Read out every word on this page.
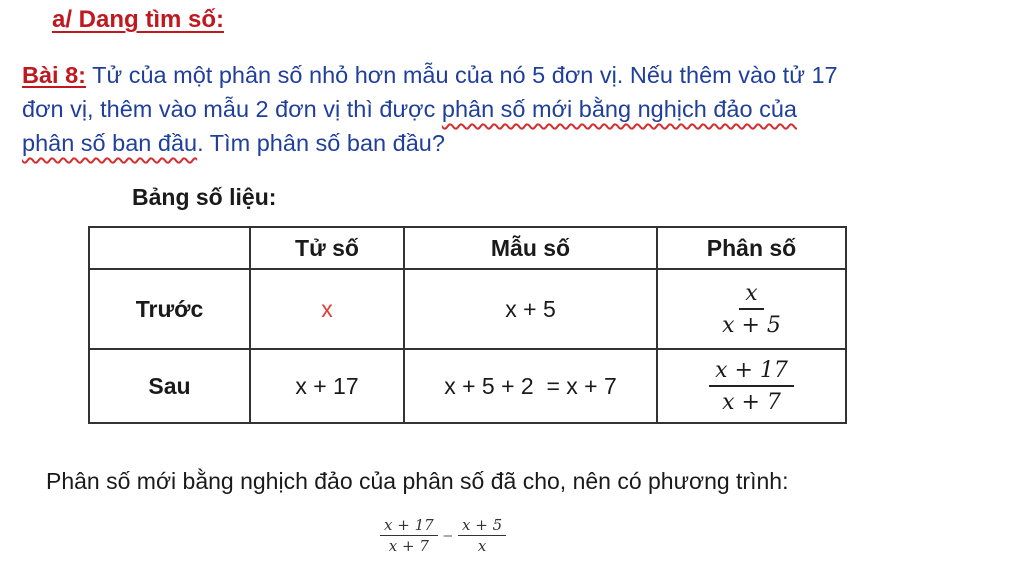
a/ Dang tìm số:
Bài 8: Tử của một phân số nhỏ hơn mẫu của nó 5 đơn vị. Nếu thêm vào tử 17
đơn vị, thêm vào mẫu 2 đơn vị thì được phân số mới bằng nghịch đảo của
phân số ban đầu. Tìm phân số ban đầu?
Bảng số liệu:
	Tử số	Mẫu số	Phân số
Trước	x	x + 5	$\frac{x}{x + 5}$

Sau	x + 17	x + 5 + 2  = x + 7	$\frac{x + 17}{x + 7}$
Phân số mới bằng nghịch đảo của phân số đã cho, nên có phương trình:
$\frac{x + 17}{x + 7} - \frac{x + 5}{x}$
